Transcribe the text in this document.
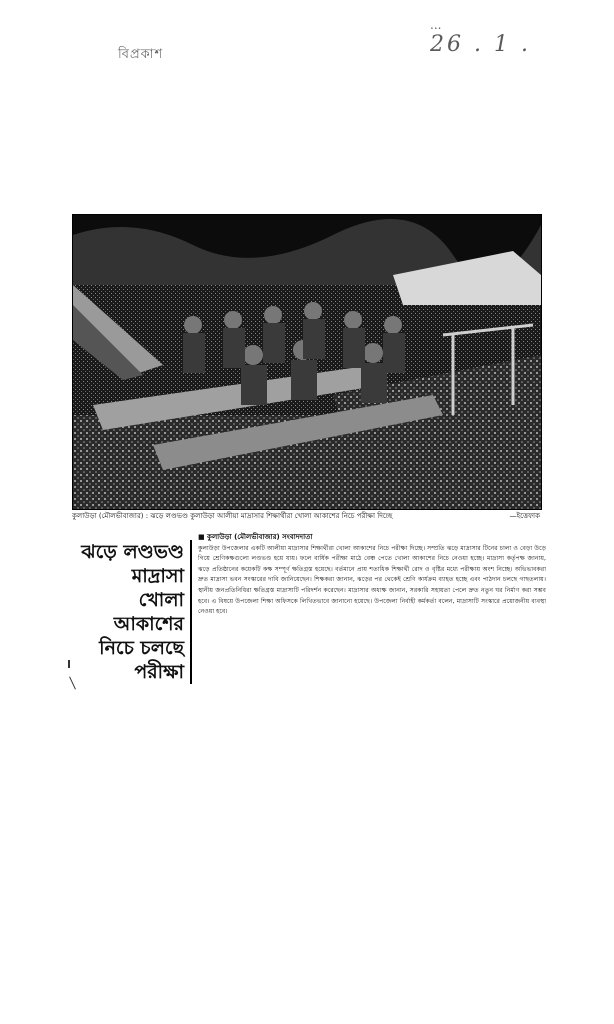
বিপ্রকাশ
...
26 . 1 .
কুলাউড়া (মৌলভীবাজার) : ঝড়ে লণ্ডভণ্ড কুলাউড়া আলীয়া মাদ্রাসার শিক্ষার্থীরা খোলা আকাশের নিচে পরীক্ষা দিচ্ছে	—ইত্তেফাক
ঝড়ে লণ্ডভণ্ড মাদ্রাসা
খোলা আকাশের
নিচে চলছে
পরীক্ষা
■ কুলাউড়া (মৌলভীবাজার) সংবাদদাতা
কুলাউড়া উপজেলার একটি আলীয়া মাদ্রাসার শিক্ষার্থীরা খোলা আকাশের নিচে পরীক্ষা দিচ্ছে। সম্প্রতি ঝড়ে মাদ্রাসার টিনের চালা ও বেড়া উড়ে গিয়ে শ্রেণিকক্ষগুলো লণ্ডভণ্ড হয়ে যায়। ফলে বার্ষিক পরীক্ষা মাঠে বেঞ্চ পেতে খোলা আকাশের নিচে নেওয়া হচ্ছে। মাদ্রাসা কর্তৃপক্ষ জানায়, ঝড়ে প্রতিষ্ঠানের কয়েকটি কক্ষ সম্পূর্ণ ক্ষতিগ্রস্ত হয়েছে। বর্তমানে প্রায় শতাধিক শিক্ষার্থী রোদ ও বৃষ্টির মধ্যে পরীক্ষায় অংশ নিচ্ছে। অভিভাবকরা দ্রুত মাদ্রাসা ভবন সংস্কারের দাবি জানিয়েছেন। শিক্ষকরা জানান, ঝড়ের পর থেকেই শ্রেণি কার্যক্রম ব্যাহত হচ্ছে এবং পাঠদান চলছে গাছতলায়। স্থানীয় জনপ্রতিনিধিরা ক্ষতিগ্রস্ত মাদ্রাসাটি পরিদর্শন করেছেন। মাদ্রাসার অধ্যক্ষ জানান, সরকারি সহায়তা পেলে দ্রুত নতুন ঘর নির্মাণ করা সম্ভব হবে। এ বিষয়ে উপজেলা শিক্ষা অফিসকে লিখিতভাবে জানানো হয়েছে। উপজেলা নির্বাহী কর্মকর্তা বলেন, মাদ্রাসাটি সংস্কারে প্রয়োজনীয় ব্যবস্থা নেওয়া হবে।
